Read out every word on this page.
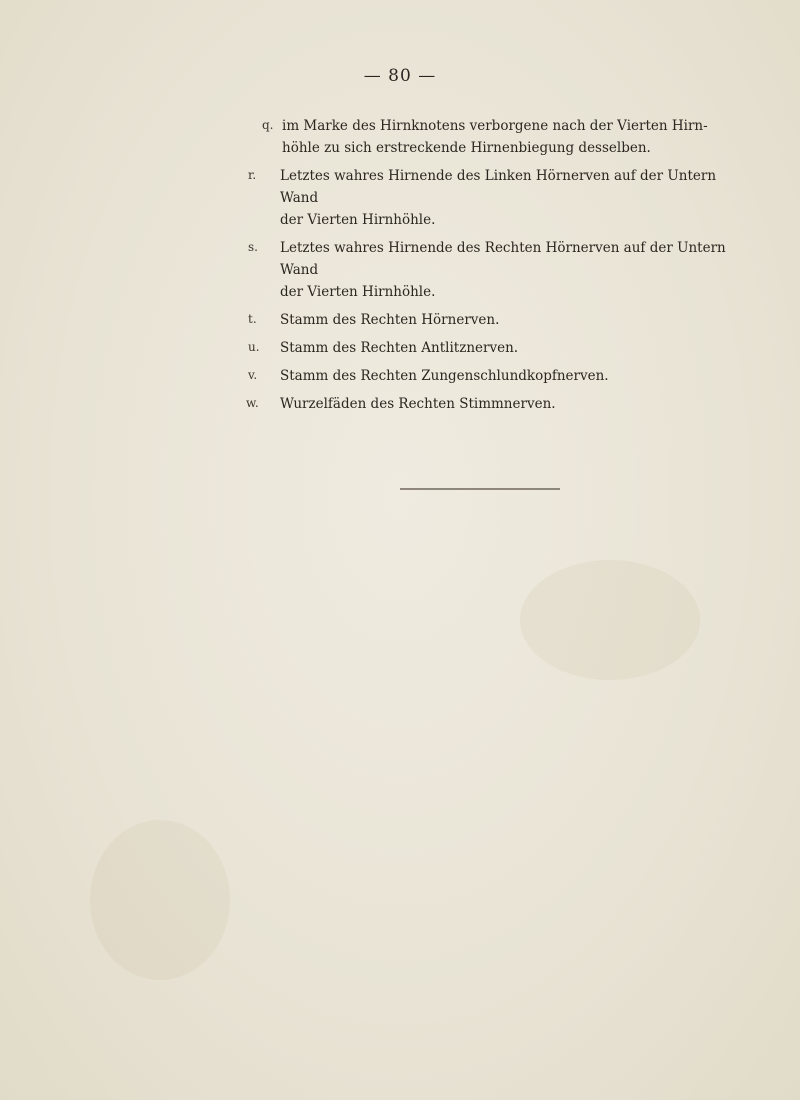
— 80 —
q. im Marke des Hirnknotens verborgene nach der Vierten Hirn-
höhle zu sich erstreckende Hirnenbiegung desselben.
r. Letztes wahres Hirnende des Linken Hörnerven auf der Untern Wand
der Vierten Hirnhöhle.
s. Letztes wahres Hirnende des Rechten Hörnerven auf der Untern Wand
der Vierten Hirnhöhle.
t. Stamm des Rechten Hörnerven.
u. Stamm des Rechten Antlitznerven.
v. Stamm des Rechten Zungenschlundkopfnerven.
w. Wurzelfäden des Rechten Stimmnerven.
